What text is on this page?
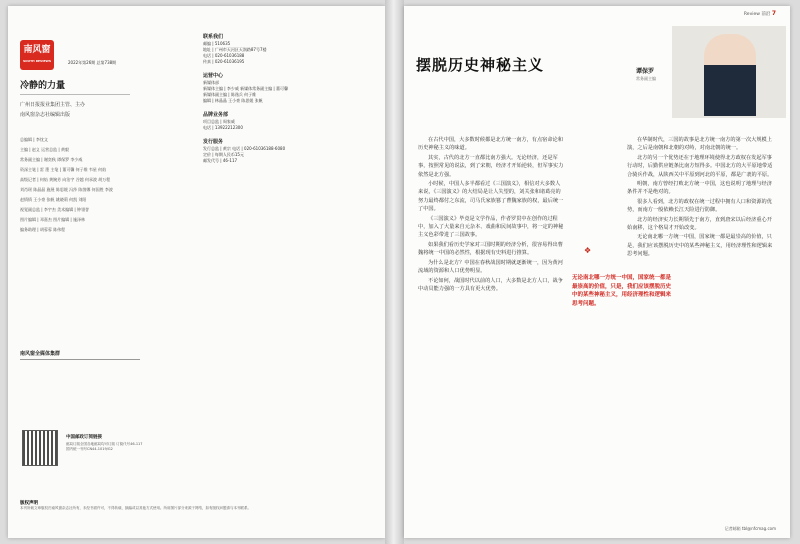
南风窗
SOUTH REVIEWS	2022年第26期 总第738期
冷静的力量
广州日报报业集团主管、主办
南风窗杂志社编辑出版
总编辑 | 李忱文
主编 | 赵义 运营总监 | 黄毅
常务副主编 | 谢奕秋 谭保罗 李少威
资深主笔 | 雷 墨 主笔 | 董可馨 何子维 韦星 何焰
高级记者 | 何焰 黄婉芳 向治宇 谷越 何承波 胡万程
刘肖瑶 陈晶晶 施展 陈思媛 冯莎 陈茵娜 何国胜 李波
赵情情 王小豪 张帆 姚晓莉 何凯 刘阳
视觉副总监 | 李宇杰 美术编辑 | 钟翎誉
图片编辑 | 邓嘉杰 图片编辑 | 施泽林
编务助理 | 胡蓉蓉 陈伟程
南风窗全媒体集群
中国邮政订阅链接
邮局订阅全国各地邮局均可订阅 订阅代号46-117 国内统一刊号CN44-1019/G2
版权声明
本刊所载文章版权归南风窗杂志社所有，未经书面许可，不得转载、摘编或以其他方式使用。所用图片部分来源于网络，如有版权问题请与本刊联系。
联系我们
邮编 | 510635
地址 | 广州市天河区天润路87号7楼
电话 | 020-61036188
传真 | 020-61036195
运营中心
新媒体部
新媒体主编 | 李少威 新媒体常务副主编 | 董可馨
新媒体副主编 | 陈逸兵 何子维
编辑 | 林晶晶 王小豪 陈思媛 张帆
品牌业务部
项目总监 | 周家威
电话 | 13922212300
发行服务
发行总监 | 黄宗 电话 | 020-61036188-6080
定价 | 每期人民币15元
邮发代号 | 46-117
Review 前沿 7
摆脱历史神秘主义	谭保罗
常务副主编

在古代中国，大多数时候都是北方统一南方，有点宿命论和历史神秘主义的味道。

其实，古代的北方一直都比南方强大。无论经济，还是军事，按照常见的说法，到了宋朝，经济才开始逆转，但军事实力依然是北方强。

小时候，中国人多半都看过《三国演义》，相信对大多数人来说，《三国演义》的大结局是让人失望的，刘关张和诸葛亮的努力最终都付之东流，司马氏家族篡了曹魏家族的权，最后统一了中国。

《三国演义》毕竟是文学作品，作者罗贯中在创作的过程中，加入了大量来自元杂本、戏曲和民间故事中，将一定的神秘主义色彩带进了三国故事。

如果我们看历史学家对三国时期的经济分析，很容易得出曹魏将统一中国的必然性，根据现有史料进行推算。

为什么是北方？中国在春秋战国时期就逐渐统一，因为黄河流域的资源和人口优势明显。

不论如何，战国时代以前的人口，大多数是北方人口，战争中动员能力强的一方具有更大优势。

❖
无论南北哪一方统一中国，国家统一都是最崇高的价值，只是，我们应该摆脱历史中的某些神秘主义，用经济理性和逻辑来思考问题。

在华制时代，三国的故事是北方统一南方的第一次大规模上演，之后是南朝和北朝的对峙，对南北朝的统一。

北方的另一个优势还在于地理环境使得北方政权在发起军事行动时，后勤供应链条比南方短得多。中国北方的大平原地带适合骑兵作战，从陕西关中平原到河北的平原，都是广袤的平原。

明朝，南方曾经打败北方统一中国，这也说明了地理与经济条件并不是绝对的。

很多人看到，北方的政权在统一过程中拥有人口和资源的优势，而南方一般依赖长江天险进行防御。

北方的经济实力长期领先于南方，直到唐宋以后经济重心开始南移，这个格局才开始改变。

无论南北哪一方统一中国，国家统一都是最崇高的价值，只是，我们应该摆脱历史中的某些神秘主义，用经济理性和逻辑来思考问题。

记者邮箱 tbl@nfcmag.com
